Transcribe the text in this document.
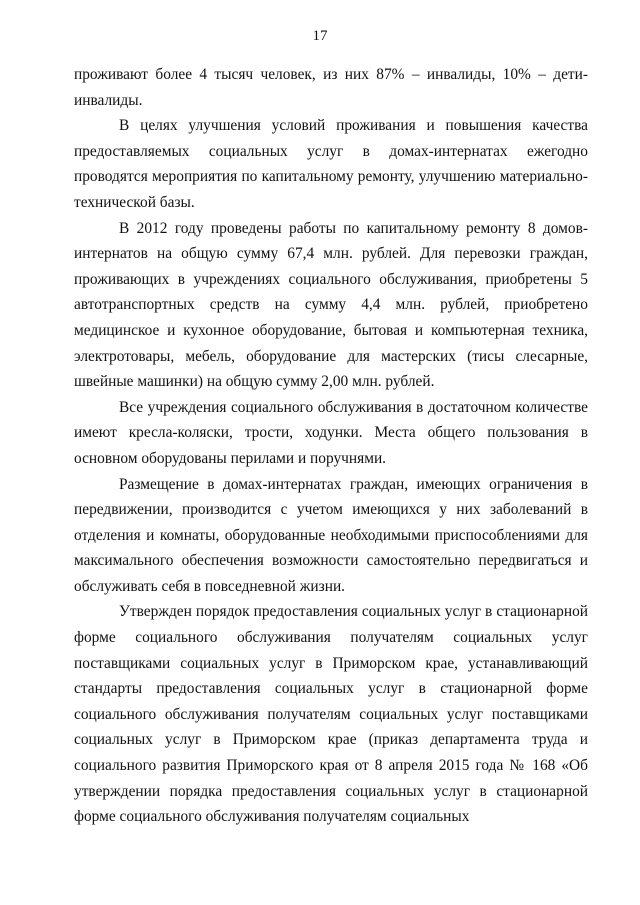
17

проживают более 4 тысяч человек, из них 87% – инвалиды, 10% – дети-инвалиды.

В целях улучшения условий проживания и повышения качества предоставляемых социальных услуг в домах-интернатах ежегодно проводятся мероприятия по капитальному ремонту, улучшению материально-технической базы.

В 2012 году проведены работы по капитальному ремонту 8 домов-интернатов на общую сумму 67,4 млн. рублей. Для перевозки граждан, проживающих в учреждениях социального обслуживания, приобретены 5 автотранспортных средств на сумму 4,4 млн. рублей, приобретено медицинское и кухонное оборудование, бытовая и компьютерная техника, электротовары, мебель, оборудование для мастерских (тисы слесарные, швейные машинки) на общую сумму 2,00 млн. рублей.

Все учреждения социального обслуживания в достаточном количестве имеют кресла-коляски, трости, ходунки. Места общего пользования в основном оборудованы перилами и поручнями.

Размещение в домах-интернатах граждан, имеющих ограничения в передвижении, производится с учетом имеющихся у них заболеваний в отделения и комнаты, оборудованные необходимыми приспособлениями для максимального обеспечения возможности самостоятельно передвигаться и обслуживать себя в повседневной жизни.

Утвержден порядок предоставления социальных услуг в стационарной форме социального обслуживания получателям социальных услуг поставщиками социальных услуг в Приморском крае, устанавливающий стандарты предоставления социальных услуг в стационарной форме социального обслуживания получателям социальных услуг поставщиками социальных услуг в Приморском крае (приказ департамента труда и социального развития Приморского края от 8 апреля 2015 года № 168 «Об утверждении порядка предоставления социальных услуг в стационарной форме социального обслуживания получателям социальных
